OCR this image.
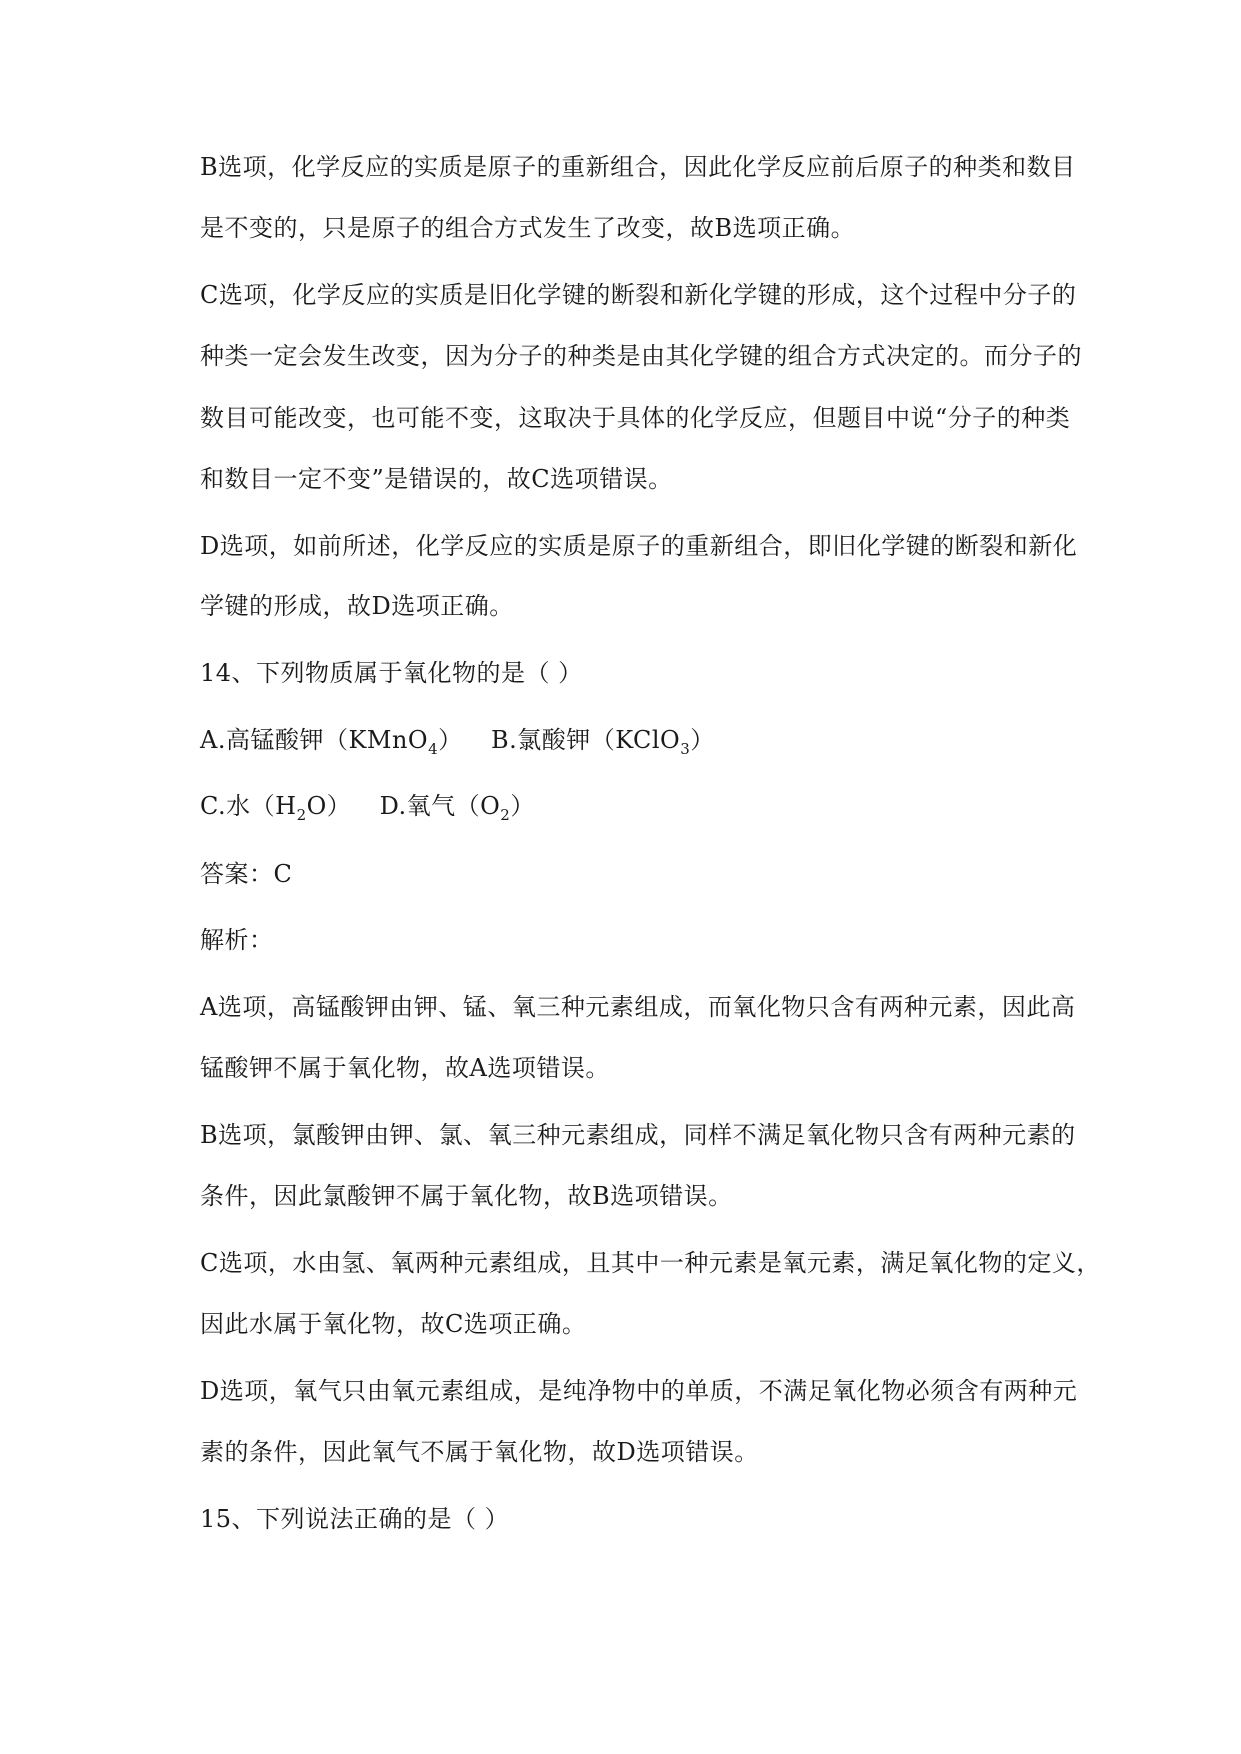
B选项，化学反应的实质是原子的重新组合，因此化学反应前后原子的种类和数目
是不变的，只是原子的组合方式发生了改变，故B选项正确。
C选项，化学反应的实质是旧化学键的断裂和新化学键的形成，这个过程中分子的
种类一定会发生改变，因为分子的种类是由其化学键的组合方式决定的。而分子的
数目可能改变，也可能不变，这取决于具体的化学反应，但题目中说“分子的种类
和数目一定不变”是错误的，故C选项错误。
D选项，如前所述，化学反应的实质是原子的重新组合，即旧化学键的断裂和新化
学键的形成，故D选项正确。
14、下列物质属于氧化物的是（ ）
A.高锰酸钾（KMnO$_4$） B.氯酸钾（KClO$_3$）
C.水$(H_2O)$ D.氧气$(O_2)$
答案：C
解析：
A选项，高锰酸钾由钾、锰、氧三种元素组成，而氧化物只含有两种元素，因此高
锰酸钾不属于氧化物，故A选项错误。
B选项，氯酸钾由钾、氯、氧三种元素组成，同样不满足氧化物只含有两种元素的
条件，因此氯酸钾不属于氧化物，故B选项错误。
C选项，水由氢、氧两种元素组成，且其中一种元素是氧元素，满足氧化物的定义，
因此水属于氧化物，故C选项正确。
D选项，氧气只由氧元素组成，是纯净物中的单质，不满足氧化物必须含有两种元
素的条件，因此氧气不属于氧化物，故D选项错误。
15、下列说法正确的是（ ）
